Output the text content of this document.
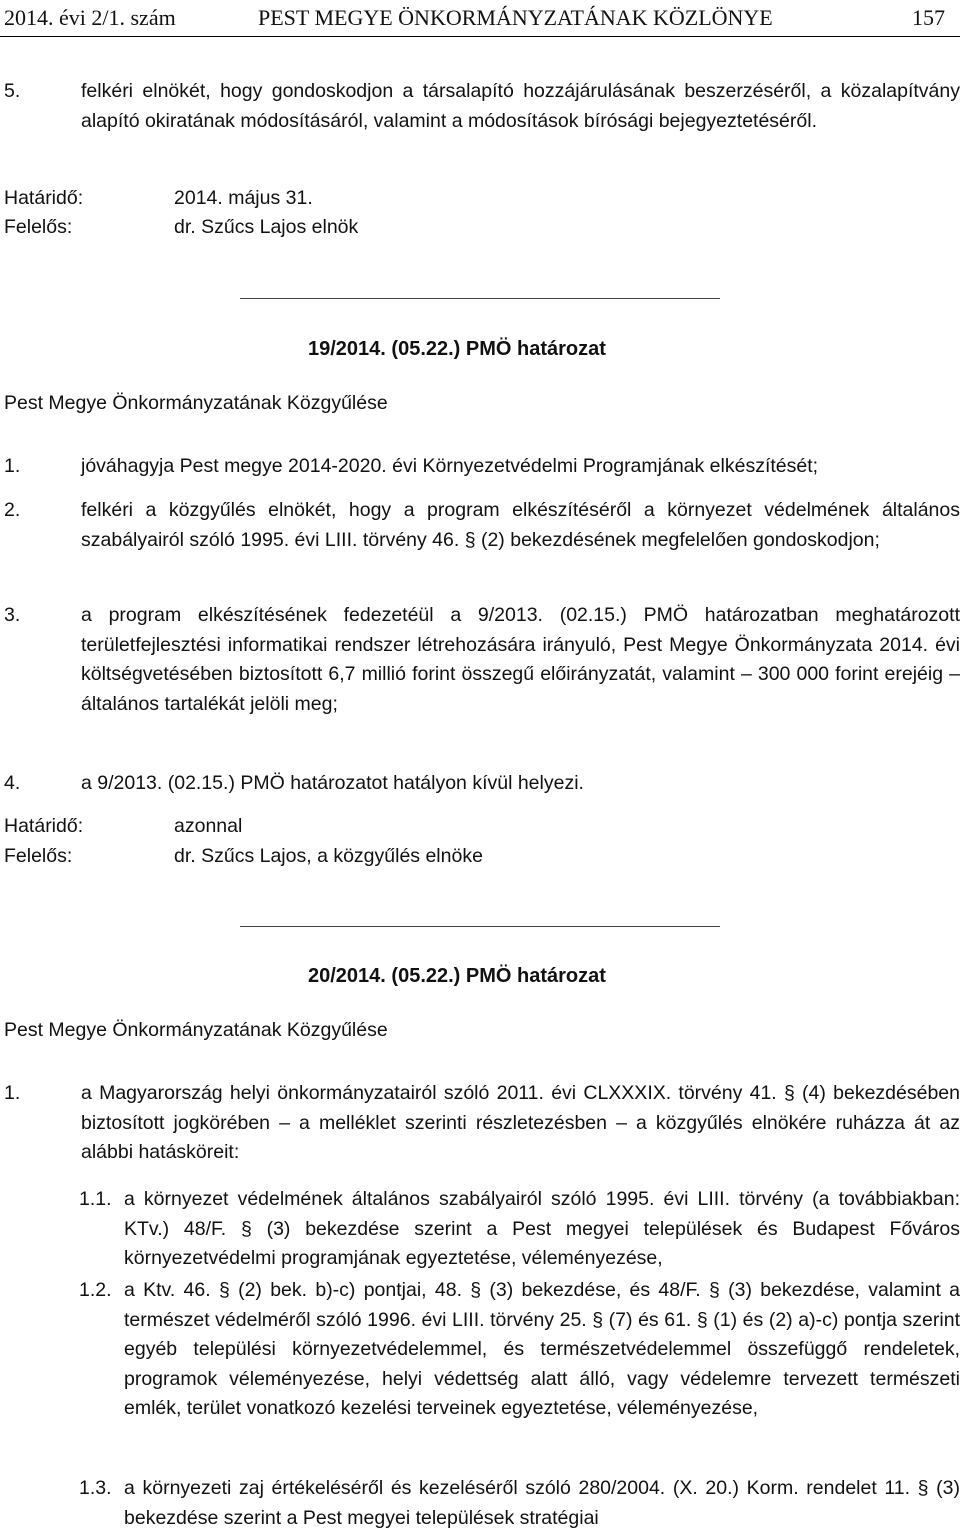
2014. évi 2/1. szám	PEST MEGYE ÖNKORMÁNYZATÁNAK KÖZLÖNYE	157
5.	felkéri elnökét, hogy gondoskodjon a társalapító hozzájárulásának beszerzéséről, a közalapítvány alapító okiratának módosításáról, valamint a módosítások bírósági bejegyeztetéséről.
Határidő:	2014. május 31.
Felelős:	dr. Szűcs Lajos elnök
19/2014. (05.22.) PMÖ határozat
Pest Megye Önkormányzatának Közgyűlése
1.	jóváhagyja Pest megye 2014-2020. évi Környezetvédelmi Programjának elkészítését;
2.	felkéri a közgyűlés elnökét, hogy a program elkészítéséről a környezet védelmének általános szabályairól szóló 1995. évi LIII. törvény 46. § (2) bekezdésének megfelelően gondoskodjon;
3.	a program elkészítésének fedezetéül a 9/2013. (02.15.) PMÖ határozatban meghatározott területfejlesztési informatikai rendszer létrehozására irányuló, Pest Megye Önkormányzata 2014. évi költségvetésében biztosított 6,7 millió forint összegű előirányzatát, valamint – 300 000 forint erejéig – általános tartalékát jelöli meg;
4.	a 9/2013. (02.15.) PMÖ határozatot hatályon kívül helyezi.
Határidő:	azonnal
Felelős:	dr. Szűcs Lajos, a közgyűlés elnöke
20/2014. (05.22.) PMÖ határozat
Pest Megye Önkormányzatának Közgyűlése
1.	a Magyarország helyi önkormányzatairól szóló 2011. évi CLXXXIX. törvény 41. § (4) bekezdésében biztosított jogkörében – a melléklet szerinti részletezésben – a közgyűlés elnökére ruházza át az alábbi hatásköreit:
1.1. a környezet védelmének általános szabályairól szóló 1995. évi LIII. törvény (a továbbiakban: KTv.) 48/F. § (3) bekezdése szerint a Pest megyei települések és Budapest Főváros környezetvédelmi programjának egyeztetése, véleményezése,
1.2. a Ktv. 46. § (2) bek. b)-c) pontjai, 48. § (3) bekezdése, és 48/F. § (3) bekezdése, valamint a természet védelméről szóló 1996. évi LIII. törvény 25. § (7) és 61. § (1) és (2) a)-c) pontja szerint egyéb települési környezetvédelemmel, és természetvédelemmel összefüggő rendeletek, programok véleményezése, helyi védettség alatt álló, vagy védelemre tervezett természeti emlék, terület vonatkozó kezelési terveinek egyeztetése, véleményezése,
1.3. a környezeti zaj értékeléséről és kezeléséről szóló 280/2004. (X. 20.) Korm. rendelet 11. § (3) bekezdése szerint a Pest megyei települések stratégiai
